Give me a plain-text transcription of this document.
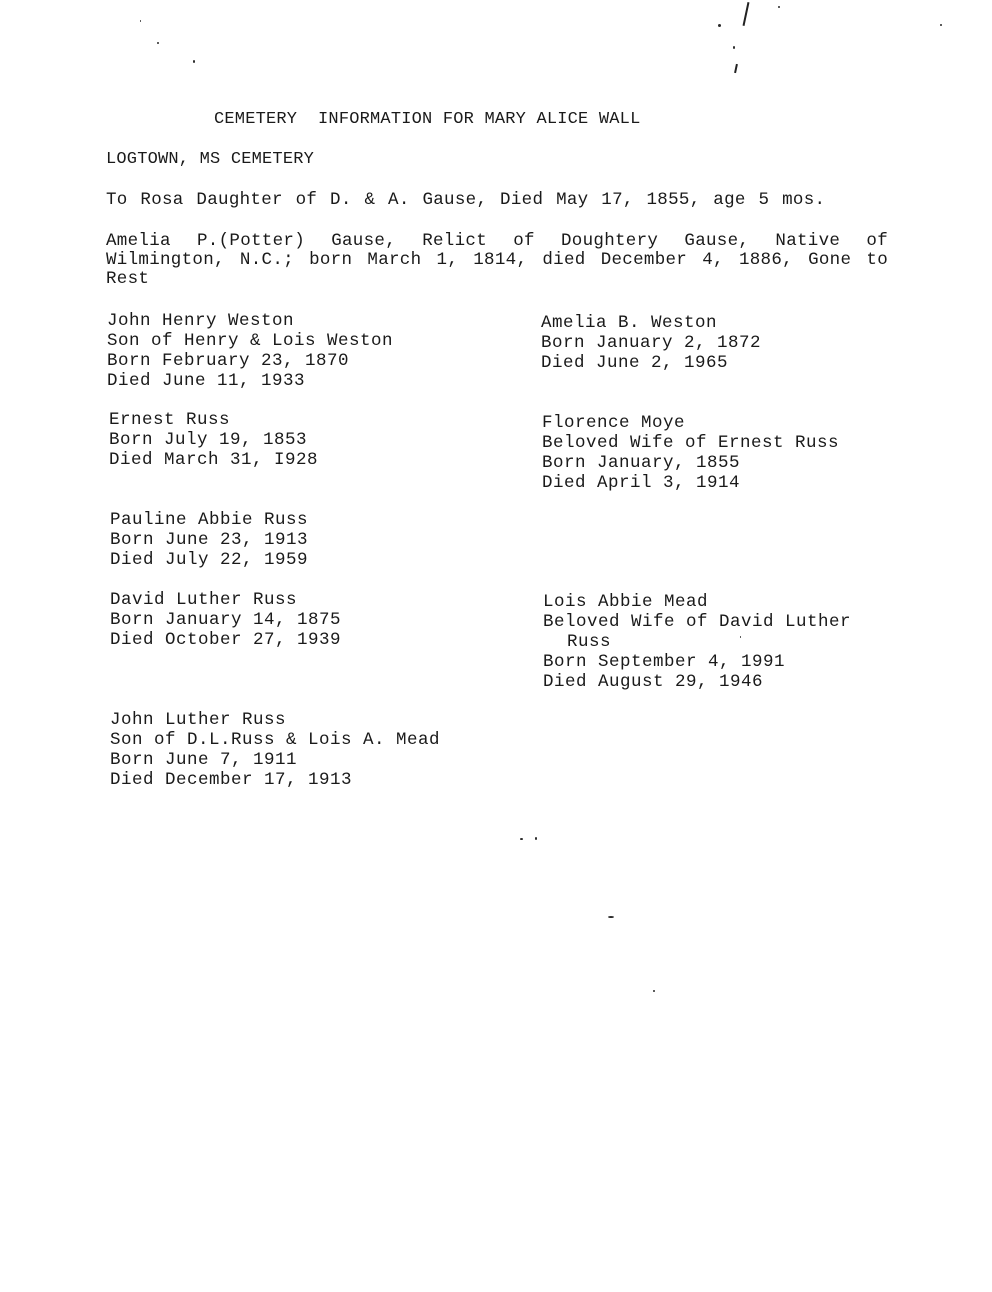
CEMETERY  INFORMATION FOR MARY ALICE WALL
LOGTOWN, MS CEMETERY
To Rosa Daughter of D. & A. Gause, Died May 17, 1855, age 5 mos.
Amelia P.(Potter) Gause, Relict of Doughtery Gause, Native of Wilmington, N.C.; born March 1, 1814, died December 4, 1886, Gone to Rest
John Henry Weston
Son of Henry & Lois Weston
Born February 23, 1870
Died June 11, 1933
Ernest Russ
Born July 19, 1853
Died March 31, I928
Pauline Abbie Russ
Born June 23, 1913
Died July 22, 1959
David Luther Russ
Born January 14, 1875
Died October 27, 1939
John Luther Russ
Son of D.L.Russ & Lois A. Mead
Born June 7, 1911
Died December 17, 1913
Amelia B. Weston
Born January 2, 1872
Died June 2, 1965
Florence Moye
Beloved Wife of Ernest Russ
Born January, 1855
Died April 3, 1914
Lois Abbie Mead
Beloved Wife of David Luther
Russ
Born September 4, 1991
Died August 29, 1946
